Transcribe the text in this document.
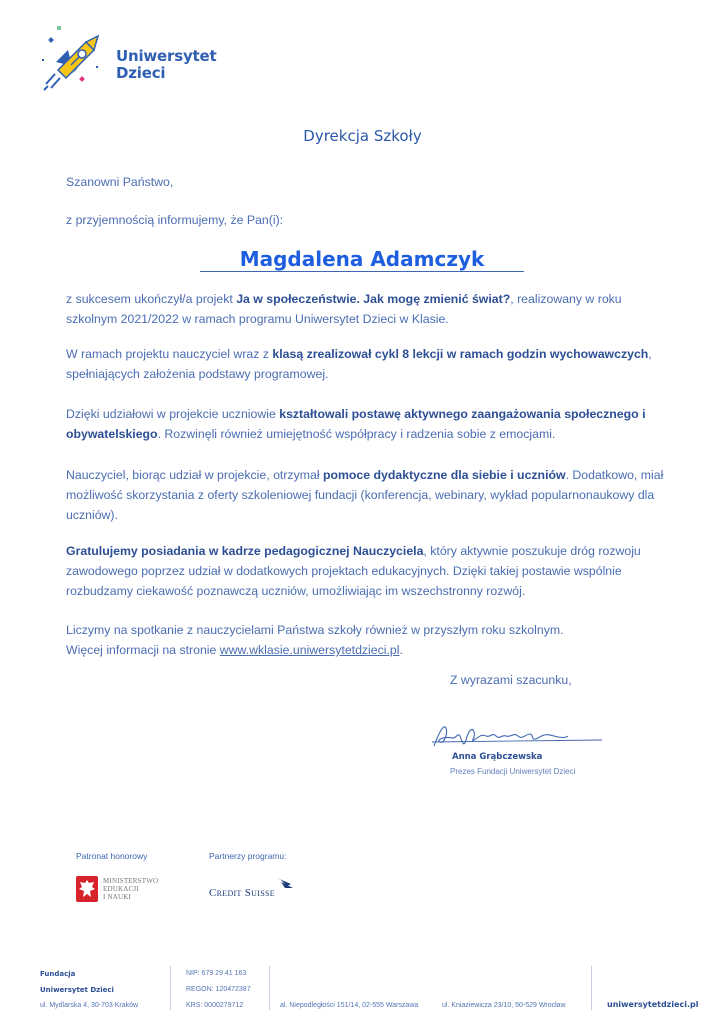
Uniwersytet
Dzieci
Dyrekcja Szkoły
Szanowni Państwo,
z przyjemnością informujemy, że Pan(i):
Magdalena Adamczyk
z sukcesem ukończył/a projekt Ja w społeczeństwie. Jak mogę zmienić świat?, realizowany w roku szkolnym 2021/2022 w ramach programu Uniwersytet Dzieci w Klasie.
W ramach projektu nauczyciel wraz z klasą zrealizował cykl 8 lekcji w ramach godzin wychowawczych, spełniających założenia podstawy programowej.
Dzięki udziałowi w projekcie uczniowie kształtowali postawę aktywnego zaangażowania społecznego i obywatelskiego. Rozwinęli również umiejętność współpracy i radzenia sobie z emocjami.
Nauczyciel, biorąc udział w projekcie, otrzymał pomoce dydaktyczne dla siebie i uczniów. Dodatkowo, miał możliwość skorzystania z oferty szkoleniowej fundacji (konferencja, webinary, wykład popularnonaukowy dla uczniów).
Gratulujemy posiadania w kadrze pedagogicznej Nauczyciela, który aktywnie poszukuje dróg rozwoju zawodowego poprzez udział w dodatkowych projektach edukacyjnych. Dzięki takiej postawie wspólnie rozbudzamy ciekawość poznawczą uczniów, umożliwiając im wszechstronny rozwój.
Liczymy na spotkanie z nauczycielami Państwa szkoły również w przyszłym roku szkolnym.
Więcej informacji na stronie www.wklasie.uniwersytetdzieci.pl.
Z wyrazami szacunku,
Anna Grąbczewska
Prezes Fundacji Uniwersytet Dzieci
Patronat honorowy	Partnerzy programu:
MINISTERSTWO
EDUKACJI
I NAUKI	Credit Suisse
Fundacja
Uniwersytet Dzieci
ul. Mydlarska 4, 30-703 Kraków
NIP: 679 29 41 163
REGON: 120472387
KRS: 0000279712	al. Niepodległości 151/14, 02-555 Warszawa	ul. Kniaziewicza 23/10, 50-529 Wrocław	uniwersytetdzieci.pl
